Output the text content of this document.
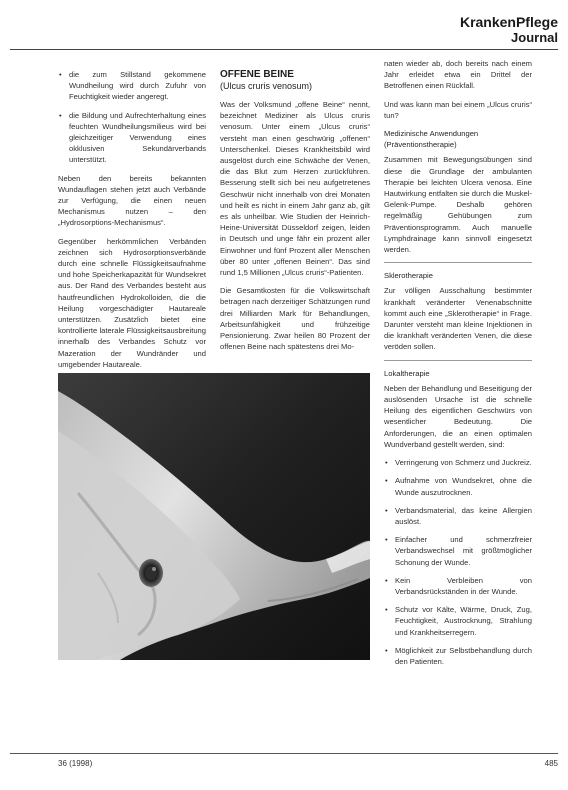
KrankenPflege
Journal
• die zum Stillstand gekommene Wundheilung wird durch Zufuhr von Feuchtigkeit wieder angeregt.
• die Bildung und Aufrechterhaltung eines feuchten Wundheilungsmilieus wird bei gleichzeitiger Verwendung eines okklusiven Sekundärverbands unterstützt.

Neben den bereits bekannten Wundauflagen stehen jetzt auch Verbände zur Verfügung, die einen neuen Mechanismus nutzen – den „Hydrosorptions-Mechanismus“.

Gegenüber herkömmlichen Verbänden zeichnen sich Hydrosorptionsverbände durch eine schnelle Flüssigkeitsaufnahme und hohe Speicherkapazität für Wundsekret aus. Der Rand des Verbandes besteht aus hautfreundlichen Hydrokolloiden, die die Heilung vorgeschädigter Hautareale unterstützen. Zusätzlich bietet eine kontrollierte laterale Flüssigkeitsausbreitung innerhalb des Verbandes Schutz vor Mazeration der Wundränder und umgebender Hautareale.

OFFENE BEINE
(Ulcus cruris venosum)

Was der Volksmund „offene Beine“ nennt, bezeichnet Mediziner als Ulcus cruris venosum. Unter einem „Ulcus cruris“ versteht man einen geschwürig „offenen“ Unterschenkel. Dieses Krankheitsbild wird ausgelöst durch eine Schwäche der Venen, die das Blut zum Herzen zurückführen. Besserung stellt sich bei neu aufgetretenes Geschwür nicht innerhalb von drei Monaten und heilt es nicht in einem Jahr ganz ab, gilt es als unheilbar. Wie Studien der Heinrich-Heine-Universität Düsseldorf zeigen, leiden in Deutsch und unge fähr ein prozent aller Einwohner und fünf Prozent aller Menschen über 80 unter „offenen Beinen“. Das sind rund 1,5 Millionen „Ulcus cruris“-Patienten.

Die Gesamtkosten für die Volkswirtschaft betragen nach derzeitiger Schätzungen rund drei Milliarden Mark für Behandlungen, Arbeitsunfähigkeit und frühzeitige Pensionierung. Zwar heilen 80 Prozent der offenen Beine nach spätestens drei Mo-

naten wieder ab, doch bereits nach einem Jahr erleidet etwa ein Drittel der Betroffenen einen Rückfall.

Und was kann man bei einem „Ulcus cruris“ tun?

Medizinische Anwendungen (Präventionstherapie)

Zusammen mit Bewegungsübungen sind diese die Grundlage der ambulanten Therapie bei leichten Ulcera venosa. Eine Hautwirkung entfalten sie durch die Muskel-Gelenk-Pumpe. Deshalb gehören regelmäßig Gehübungen zum Präventionsprogramm. Auch manuelle Lymphdrainage kann sinnvoll eingesetzt werden.

Sklerotherapie

Zur völligen Ausschaltung bestimmter krankhaft veränderter Venenabschnitte kommt auch eine „Sklerotherapie“ in Frage. Darunter versteht man kleine Injektionen in die krankhaft veränderten Venen, die diese veröden sollen.

Lokaltherapie

Neben der Behandlung und Beseitigung der auslösenden Ursache ist die schnelle Heilung des eigentlichen Geschwürs von wesentlicher Bedeutung. Die Anforderungen, die an einen optimalen Wundverband gestellt werden, sind:

• Verringerung von Schmerz und Juckreiz.
• Aufnahme von Wundsekret, ohne die Wunde auszutrocknen.
• Verbandsmaterial, das keine Allergien auslöst.
• Einfacher und schmerzfreier Verbandswechsel mit größtmöglicher Schonung der Wunde.
• Kein Verbleiben von Verbandsrückständen in der Wunde.
• Schutz vor Kälte, Wärme, Druck, Zug, Feuchtigkeit, Austrocknung, Strahlung und Krankheitserregern.
• Möglichkeit zur Selbstbehandlung durch den Patienten.
36 (1998)	485
